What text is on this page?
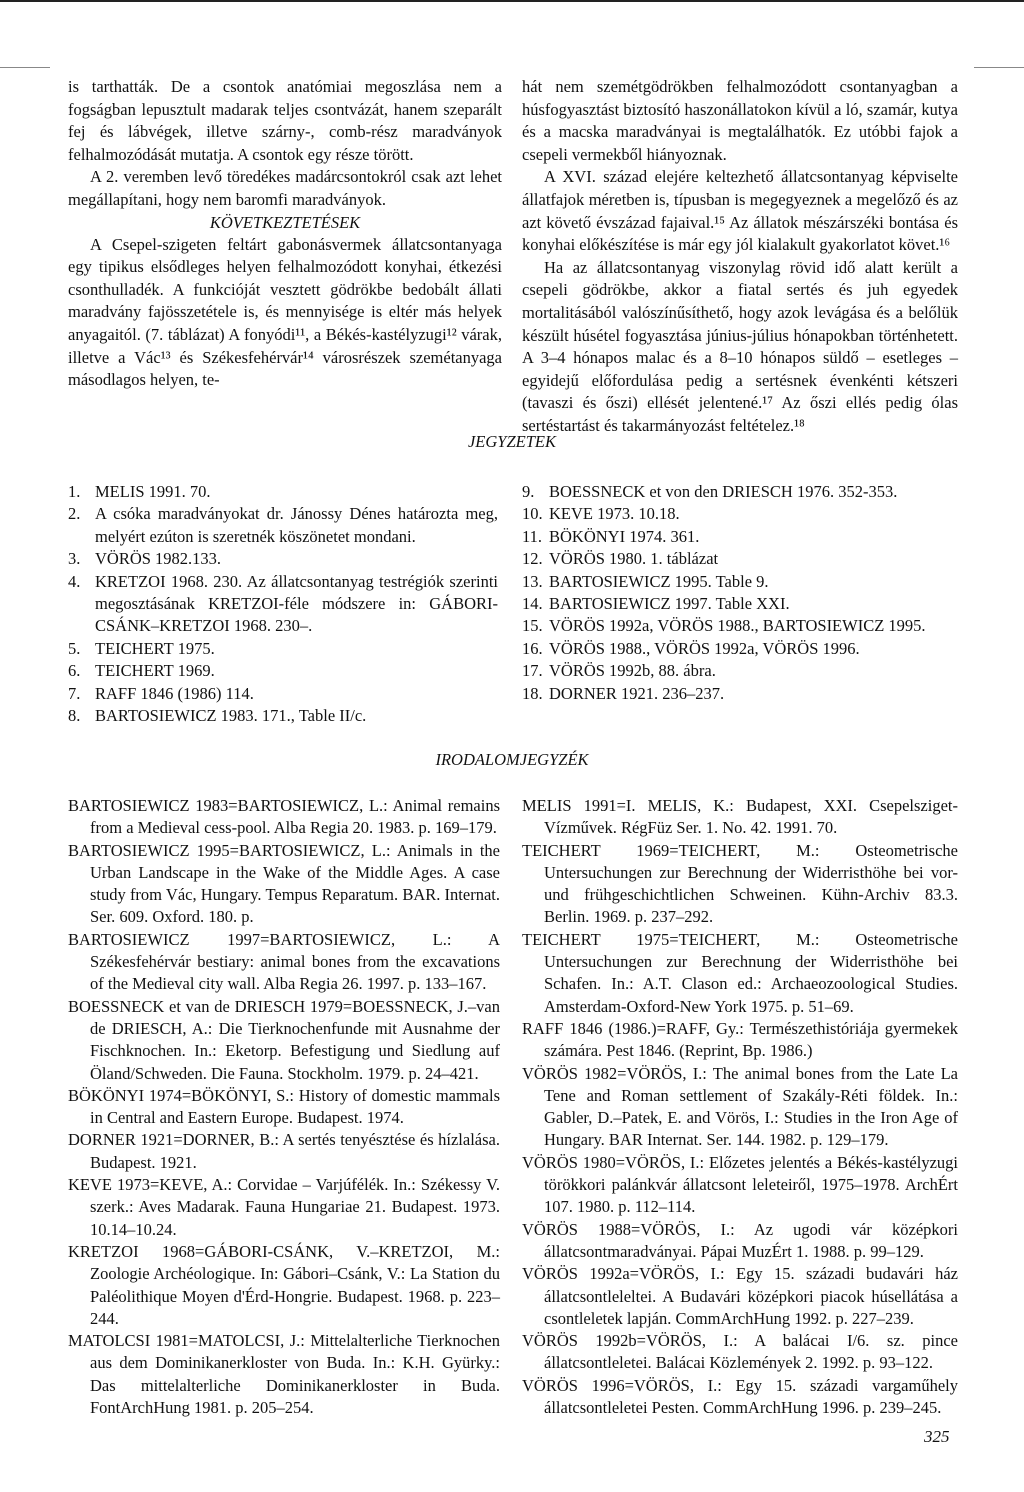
is tarthatták. De a csontok anatómiai megoszlása nem a fogságban lepusztult madarak teljes csontvázát, hanem szeparált fej és lábvégek, illetve szárny-, comb-rész maradványok felhalmozódását mutatja. A csontok egy része törött.

A 2. veremben levő töredékes madárcsontokról csak azt lehet megállapítani, hogy nem baromfi maradványok.

KÖVETKEZTETÉSEK

A Csepel-szigeten feltárt gabonásvermek állatcsontanyaga egy tipikus elsődleges helyen felhalmozódott konyhai, étkezési csonthulladék. A funkcióját vesztett gödrökbe bedobált állati maradvány fajösszetétele is, és mennyisége is eltér más helyek anyagaitól. (7. táblázat) A fonyódi¹¹, a Békés-kastélyzugi¹² várak, illetve a Vác¹³ és Székesfehérvár¹⁴ városrészek szemétanyaga másodlagos helyen, te-

hát nem szemétgödrökben felhalmozódott csontanyagban a húsfogyasztást biztosító haszonállatokon kívül a ló, szamár, kutya és a macska maradványai is megtalálhatók. Ez utóbbi fajok a csepeli vermekből hiányoznak.

A XVI. század elejére keltezhető állatcsontanyag képviselte állatfajok méretben is, típusban is megegyeznek a megelőző és az azt követő évszázad fajaival.¹⁵ Az állatok mészárszéki bontása és konyhai előkészítése is már egy jól kialakult gyakorlatot követ.¹⁶

Ha az állatcsontanyag viszonylag rövid idő alatt került a csepeli gödrökbe, akkor a fiatal sertés és juh egyedek mortalitásából valószínűsíthető, hogy azok levágása és a belőlük készült húsétel fogyasztása június-július hónapokban történhetett. A 3–4 hónapos malac és a 8–10 hónapos süldő – esetleges – egyidejű előfordulása pedig a sertésnek évenkénti kétszeri (tavaszi és őszi) ellését jelentené.¹⁷ Az őszi ellés pedig ólas sertéstartást és takarmányozást feltételez.¹⁸

JEGYZETEK
1. MELIS 1991. 70.
2. A csóka maradványokat dr. Jánossy Dénes határozta meg, melyért ezúton is szeretnék köszönetet mondani.
3. VÖRÖS 1982.133.
4. KRETZOI 1968. 230. Az állatcsontanyag testrégiók szerinti megosztásának KRETZOI-féle módszere in: GÁBORI-CSÁNK–KRETZOI 1968. 230–.
5. TEICHERT 1975.
6. TEICHERT 1969.
7. RAFF 1846 (1986) 114.
8. BARTOSIEWICZ 1983. 171., Table II/c.
9. BOESSNECK et von den DRIESCH 1976. 352-353.
10. KEVE 1973. 10.18.
11. BÖKÖNYI 1974. 361.
12. VÖRÖS 1980. 1. táblázat
13. BARTOSIEWICZ 1995. Table 9.
14. BARTOSIEWICZ 1997. Table XXI.
15. VÖRÖS 1992a, VÖRÖS 1988., BARTOSIEWICZ 1995.
16. VÖRÖS 1988., VÖRÖS 1992a, VÖRÖS 1996.
17. VÖRÖS 1992b, 88. ábra.
18. DORNER 1921. 236–237.
IRODALOMJEGYZÉK

BARTOSIEWICZ 1983=BARTOSIEWICZ, L.: Animal remains from a Medieval cess-pool. Alba Regia 20. 1983. p. 169–179.

BARTOSIEWICZ 1995=BARTOSIEWICZ, L.: Animals in the Urban Landscape in the Wake of the Middle Ages. A case study from Vác, Hungary. Tempus Reparatum. BAR. Internat. Ser. 609. Oxford. 180. p.

BARTOSIEWICZ 1997=BARTOSIEWICZ, L.: A Székesfehérvár bestiary: animal bones from the excavations of the Medieval city wall. Alba Regia 26. 1997. p. 133–167.

BOESSNECK et van de DRIESCH 1979=BOESSNECK, J.–van de DRIESCH, A.: Die Tierknochenfunde mit Ausnahme der Fischknochen. In.: Eketorp. Befestigung und Siedlung auf Öland/Schweden. Die Fauna. Stockholm. 1979. p. 24–421.

BÖKÖNYI 1974=BÖKÖNYI, S.: History of domestic mammals in Central and Eastern Europe. Budapest. 1974.

DORNER 1921=DORNER, B.: A sertés tenyésztése és hízlalása. Budapest. 1921.

KEVE 1973=KEVE, A.: Corvidae – Varjúfélék. In.: Székessy V. szerk.: Aves Madarak. Fauna Hungariae 21. Budapest. 1973. 10.14–10.24.

KRETZOI 1968=GÁBORI-CSÁNK, V.–KRETZOI, M.: Zoologie Archéologique. In: Gábori–Csánk, V.: La Station du Paléolithique Moyen d'Érd-Hongrie. Budapest. 1968. p. 223–244.

MATOLCSI 1981=MATOLCSI, J.: Mittelalterliche Tierknochen aus dem Dominikanerkloster von Buda. In.: K.H. Gyürky.: Das mittelalterliche Dominikanerkloster in Buda. FontArchHung 1981. p. 205–254.

MELIS 1991=I. MELIS, K.: Budapest, XXI. Csepelsziget-Vízművek. RégFüz Ser. 1. No. 42. 1991. 70.

TEICHERT 1969=TEICHERT, M.: Osteometrische Untersuchungen zur Berechnung der Widerristhöhe bei vor- und frühgeschichtlichen Schweinen. Kühn-Archiv 83.3. Berlin. 1969. p. 237–292.

TEICHERT 1975=TEICHERT, M.: Osteometrische Untersuchungen zur Berechnung der Widerristhöhe bei Schafen. In.: A.T. Clason ed.: Archaeozoological Studies. Amsterdam-Oxford-New York 1975. p. 51–69.

RAFF 1846 (1986.)=RAFF, Gy.: Természethistóriája gyermekek számára. Pest 1846. (Reprint, Bp. 1986.)

VÖRÖS 1982=VÖRÖS, I.: The animal bones from the Late La Tene and Roman settlement of Szakály-Réti földek. In.: Gabler, D.–Patek, E. and Vörös, I.: Studies in the Iron Age of Hungary. BAR Internat. Ser. 144. 1982. p. 129–179.

VÖRÖS 1980=VÖRÖS, I.: Előzetes jelentés a Békés-kastélyzugi törökkori palánkvár állatcsont leleteiről, 1975–1978. ArchÉrt 107. 1980. p. 112–114.

VÖRÖS 1988=VÖRÖS, I.: Az ugodi vár középkori állatcsontmaradványai. Pápai MuzÉrt 1. 1988. p. 99–129.

VÖRÖS 1992a=VÖRÖS, I.: Egy 15. századi budavári ház állatcsontleleltei. A Budavári középkori piacok húsellátása a csontleletek lapján. CommArchHung 1992. p. 227–239.

VÖRÖS 1992b=VÖRÖS, I.: A balácai I/6. sz. pince állatcsontleletei. Balácai Közlemények 2. 1992. p. 93–122.

VÖRÖS 1996=VÖRÖS, I.: Egy 15. századi vargaműhely állatcsontleletei Pesten. CommArchHung 1996. p. 239–245.

325
